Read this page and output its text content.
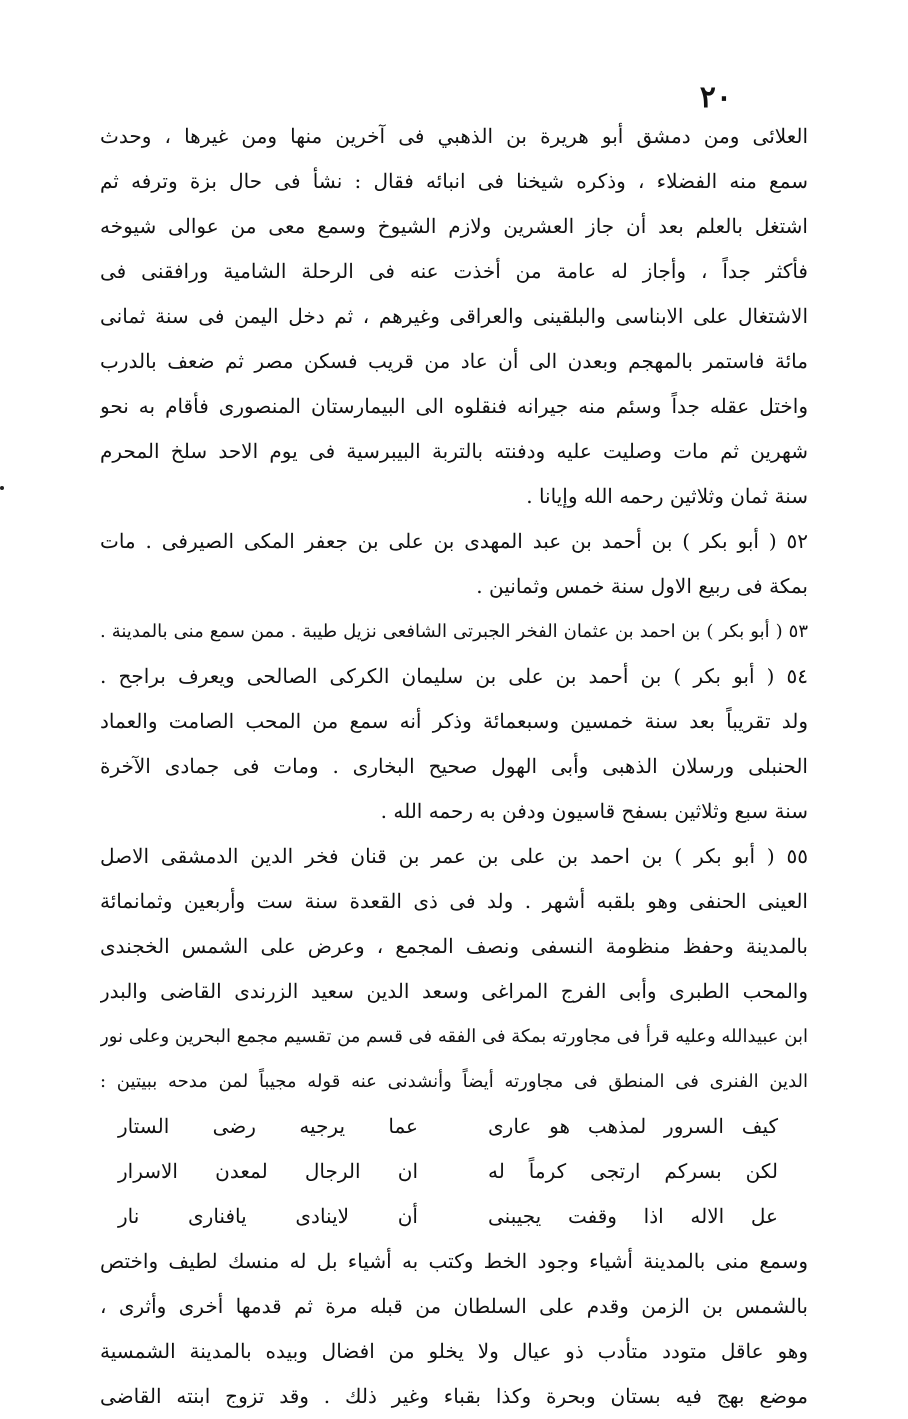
٢٠
العلائى ومن دمشق أبو هريرة بن الذهبي فى آخرين منها ومن غيرها ، وحدث
سمع منه الفضلاء ، وذكره شيخنا فى انبائه فقال : نشأ فى حال بزة وترفه ثم
اشتغل بالعلم بعد أن جاز العشرين ولازم الشيوخ وسمع معى من عوالى شيوخه
فأكثر جداً ، وأجاز له عامة من أخذت عنه فى الرحلة الشامية ورافقنى فى
الاشتغال على الابناسى والبلقينى والعراقى وغيرهم ، ثم دخل اليمن فى سنة ثمانى
مائة فاستمر بالمهجم وبعدن الى أن عاد من قريب فسكن مصر ثم ضعف بالدرب
واختل عقله جداً وسئم منه جيرانه فنقلوه الى البيمارستان المنصورى فأقام به نحو
شهرين ثم مات وصليت عليه ودفنته بالتربة البيبرسية فى يوم الاحد سلخ المحرم
سنة ثمان وثلاثين رحمه الله وإيانا .
٥٢ ( أبو بكر ) بن أحمد بن عبد المهدى بن على بن جعفر المكى الصيرفى . مات
بمكة فى ربيع الاول سنة خمس وثمانين .
٥٣ ( أبو بكر ) بن احمد بن عثمان الفخر الجبرتى الشافعى نزيل طيبة . ممن سمع منى بالمدينة .
٥٤ ( أبو بكر ) بن أحمد بن على بن سليمان الكركى الصالحى ويعرف براجح .
ولد تقريباً بعد سنة خمسين وسبعمائة وذكر أنه سمع من المحب الصامت والعماد
الحنبلى ورسلان الذهبى وأبى الهول صحيح البخارى . ومات فى جمادى الآخرة
سنة سبع وثلاثين بسفح قاسيون ودفن به رحمه الله .
٥٥ ( أبو بكر ) بن احمد بن على بن عمر بن قنان فخر الدين الدمشقى الاصل
العينى الحنفى وهو بلقبه أشهر . ولد فى ذى القعدة سنة ست وأربعين وثمانمائة
بالمدينة وحفظ منظومة النسفى ونصف المجمع ، وعرض على الشمس الخجندى
والمحب الطبرى وأبى الفرج المراغى وسعد الدين سعيد الزرندى القاضى والبدر
ابن عبيدالله وعليه قرأ فى مجاورته بمكة فى الفقه فى قسم من تقسيم مجمع البحرين وعلى نور
الدين الفنرى فى المنطق فى مجاورته أيضاً وأنشدنى عنه قوله مجيباً لمن مدحه ببيتين :
كيف السرور لمذهب هو عارى
عما يرجيه رضى الستار
لكن بسركم ارتجى كرماً له
ان الرجال لمعدن الاسرار
عل الاله اذا وقفت يجيبنى
أن لاينادى يافنارى نار
وسمع منى بالمدينة أشياء وجود الخط وكتب به أشياء بل له منسك لطيف واختص
بالشمس بن الزمن وقدم على السلطان من قبله مرة ثم قدمها أخرى وأثرى ،
وهو عاقل متودد متأدب ذو عيال ولا يخلو من افضال وبيده بالمدينة الشمسية
موضع بهج فيه بستان وبحرة وكذا بقباء وغير ذلك . وقد تزوج ابنته القاضى
